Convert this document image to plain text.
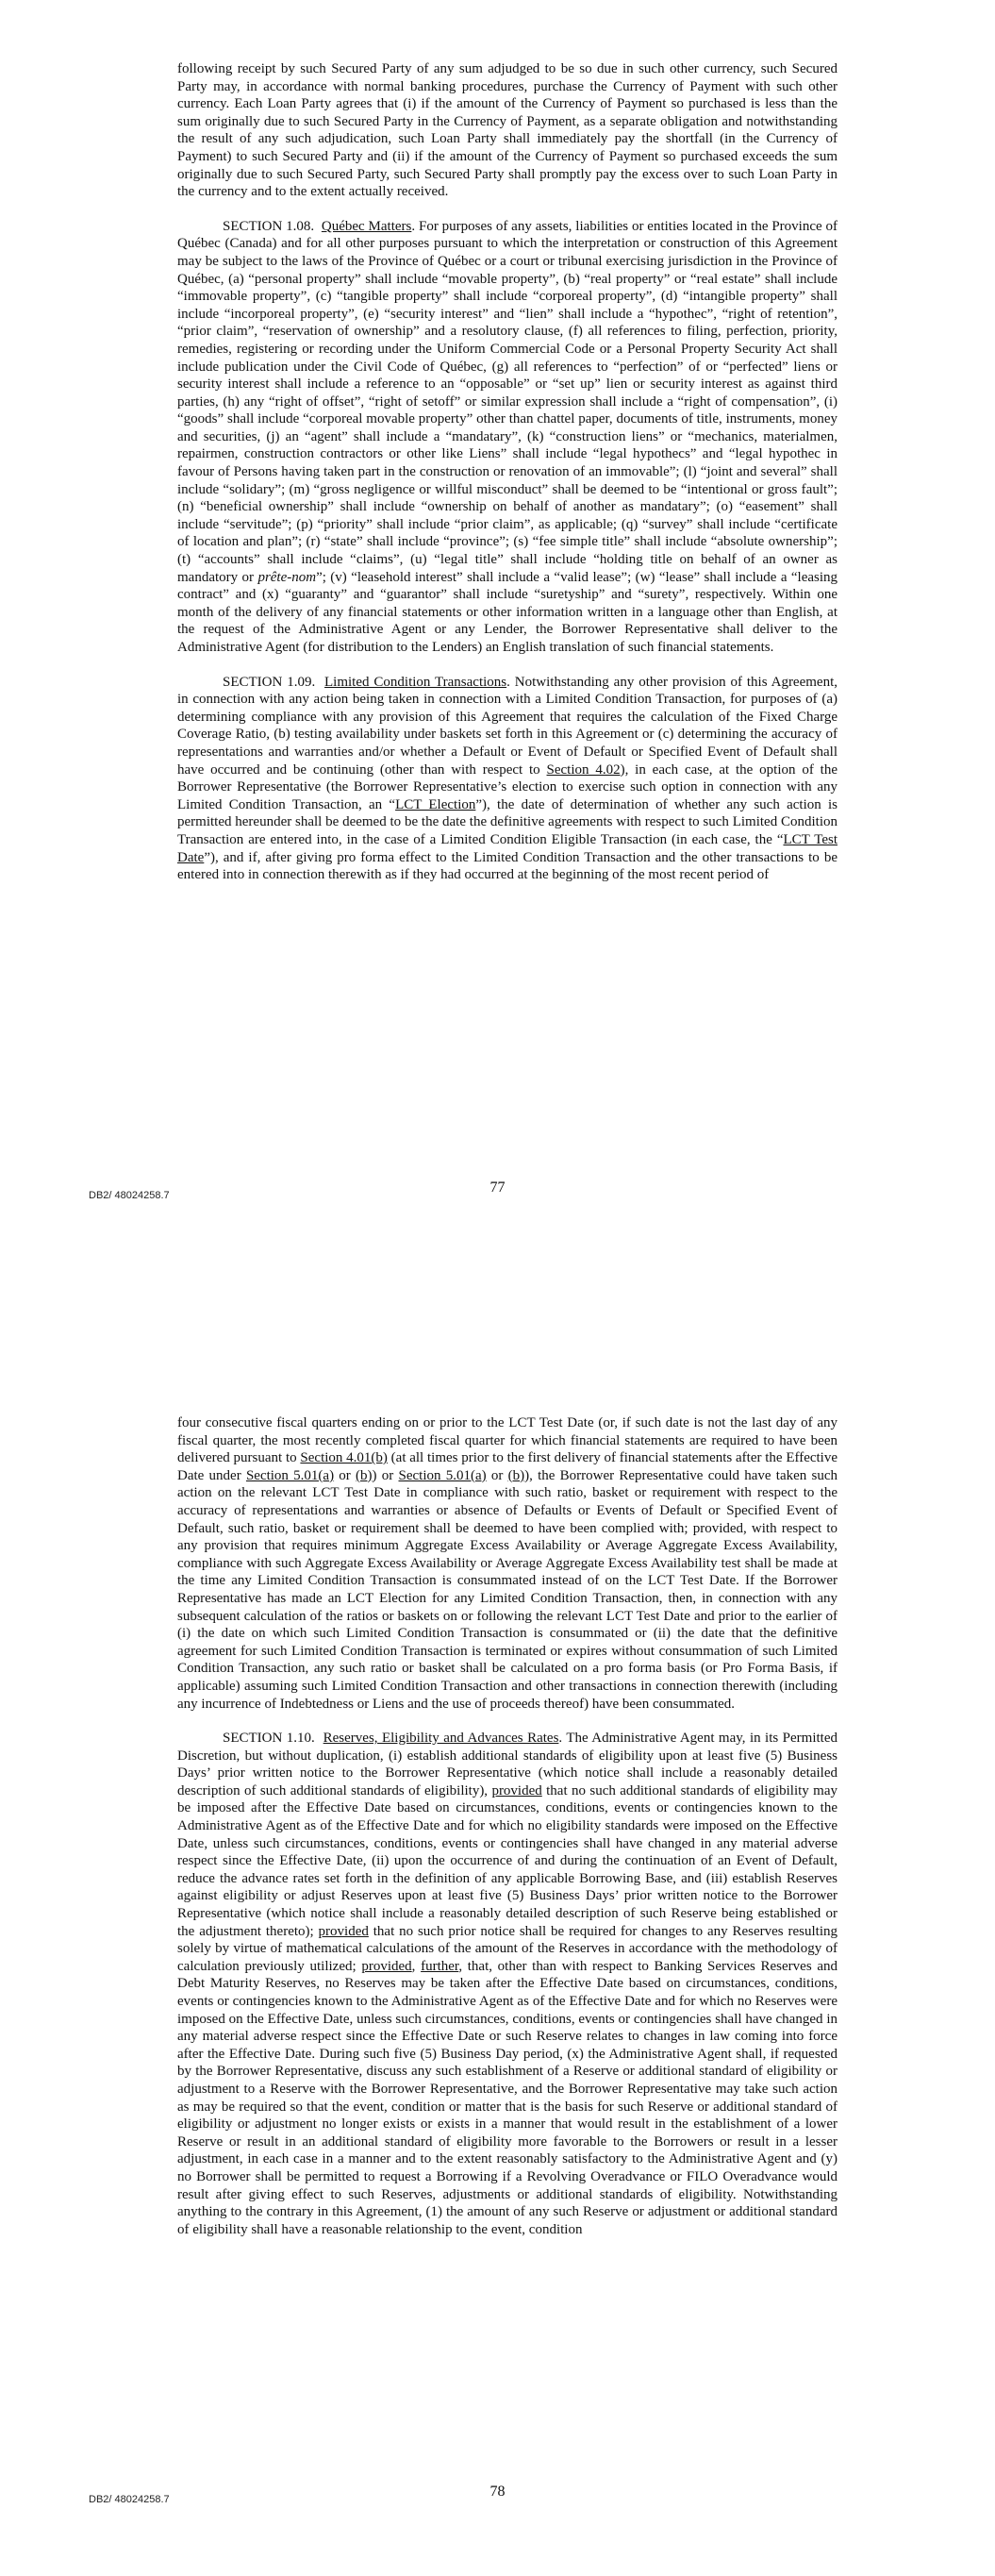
following receipt by such Secured Party of any sum adjudged to be so due in such other currency, such Secured Party may, in accordance with normal banking procedures, purchase the Currency of Payment with such other currency. Each Loan Party agrees that (i) if the amount of the Currency of Payment so purchased is less than the sum originally due to such Secured Party in the Currency of Payment, as a separate obligation and notwithstanding the result of any such adjudication, such Loan Party shall immediately pay the shortfall (in the Currency of Payment) to such Secured Party and (ii) if the amount of the Currency of Payment so purchased exceeds the sum originally due to such Secured Party, such Secured Party shall promptly pay the excess over to such Loan Party in the currency and to the extent actually received.

SECTION 1.08. Québec Matters. For purposes of any assets, liabilities or entities located in the Province of Québec (Canada) and for all other purposes pursuant to which the interpretation or construction of this Agreement may be subject to the laws of the Province of Québec or a court or tribunal exercising jurisdiction in the Province of Québec, (a) “personal property” shall include “movable property”, (b) “real property” or “real estate” shall include “immovable property”, (c) “tangible property” shall include “corporeal property”, (d) “intangible property” shall include “incorporeal property”, (e) “security interest” and “lien” shall include a “hypothec”, “right of retention”, “prior claim”, “reservation of ownership” and a resolutory clause, (f) all references to filing, perfection, priority, remedies, registering or recording under the Uniform Commercial Code or a Personal Property Security Act shall include publication under the Civil Code of Québec, (g) all references to “perfection” of or “perfected” liens or security interest shall include a reference to an “opposable” or “set up” lien or security interest as against third parties, (h) any “right of offset”, “right of setoff” or similar expression shall include a “right of compensation”, (i) “goods” shall include “corporeal movable property” other than chattel paper, documents of title, instruments, money and securities, (j) an “agent” shall include a “mandatary”, (k) “construction liens” or “mechanics, materialmen, repairmen, construction contractors or other like Liens” shall include “legal hypothecs” and “legal hypothec in favour of Persons having taken part in the construction or renovation of an immovable”; (l) “joint and several” shall include “solidary”; (m) “gross negligence or willful misconduct” shall be deemed to be “intentional or gross fault”; (n) “beneficial ownership” shall include “ownership on behalf of another as mandatary”; (o) “easement” shall include “servitude”; (p) “priority” shall include “prior claim”, as applicable; (q) “survey” shall include “certificate of location and plan”; (r) “state” shall include “province”; (s) “fee simple title” shall include “absolute ownership”; (t) “accounts” shall include “claims”, (u) “legal title” shall include “holding title on behalf of an owner as mandatory or prête-nom”; (v) “leasehold interest” shall include a “valid lease”; (w) “lease” shall include a “leasing contract” and (x) “guaranty” and “guarantor” shall include “suretyship” and “surety”, respectively. Within one month of the delivery of any financial statements or other information written in a language other than English, at the request of the Administrative Agent or any Lender, the Borrower Representative shall deliver to the Administrative Agent (for distribution to the Lenders) an English translation of such financial statements.

SECTION 1.09. Limited Condition Transactions. Notwithstanding any other provision of this Agreement, in connection with any action being taken in connection with a Limited Condition Transaction, for purposes of (a) determining compliance with any provision of this Agreement that requires the calculation of the Fixed Charge Coverage Ratio, (b) testing availability under baskets set forth in this Agreement or (c) determining the accuracy of representations and warranties and/or whether a Default or Event of Default or Specified Event of Default shall have occurred and be continuing (other than with respect to Section 4.02), in each case, at the option of the Borrower Representative (the Borrower Representative’s election to exercise such option in connection with any Limited Condition Transaction, an “LCT Election”), the date of determination of whether any such action is permitted hereunder shall be deemed to be the date the definitive agreements with respect to such Limited Condition Transaction are entered into, in the case of a Limited Condition Eligible Transaction (in each case, the “LCT Test Date”), and if, after giving pro forma effect to the Limited Condition Transaction and the other transactions to be entered into in connection therewith as if they had occurred at the beginning of the most recent period of

DB2/ 48024258.7	77

four consecutive fiscal quarters ending on or prior to the LCT Test Date (or, if such date is not the last day of any fiscal quarter, the most recently completed fiscal quarter for which financial statements are required to have been delivered pursuant to Section 4.01(b) (at all times prior to the first delivery of financial statements after the Effective Date under Section 5.01(a) or (b)) or Section 5.01(a) or (b)), the Borrower Representative could have taken such action on the relevant LCT Test Date in compliance with such ratio, basket or requirement with respect to the accuracy of representations and warranties or absence of Defaults or Events of Default or Specified Event of Default, such ratio, basket or requirement shall be deemed to have been complied with; provided, with respect to any provision that requires minimum Aggregate Excess Availability or Average Aggregate Excess Availability, compliance with such Aggregate Excess Availability or Average Aggregate Excess Availability test shall be made at the time any Limited Condition Transaction is consummated instead of on the LCT Test Date. If the Borrower Representative has made an LCT Election for any Limited Condition Transaction, then, in connection with any subsequent calculation of the ratios or baskets on or following the relevant LCT Test Date and prior to the earlier of (i) the date on which such Limited Condition Transaction is consummated or (ii) the date that the definitive agreement for such Limited Condition Transaction is terminated or expires without consummation of such Limited Condition Transaction, any such ratio or basket shall be calculated on a pro forma basis (or Pro Forma Basis, if applicable) assuming such Limited Condition Transaction and other transactions in connection therewith (including any incurrence of Indebtedness or Liens and the use of proceeds thereof) have been consummated.

SECTION 1.10. Reserves, Eligibility and Advances Rates. The Administrative Agent may, in its Permitted Discretion, but without duplication, (i) establish additional standards of eligibility upon at least five (5) Business Days’ prior written notice to the Borrower Representative (which notice shall include a reasonably detailed description of such additional standards of eligibility), provided that no such additional standards of eligibility may be imposed after the Effective Date based on circumstances, conditions, events or contingencies known to the Administrative Agent as of the Effective Date and for which no eligibility standards were imposed on the Effective Date, unless such circumstances, conditions, events or contingencies shall have changed in any material adverse respect since the Effective Date, (ii) upon the occurrence of and during the continuation of an Event of Default, reduce the advance rates set forth in the definition of any applicable Borrowing Base, and (iii) establish Reserves against eligibility or adjust Reserves upon at least five (5) Business Days’ prior written notice to the Borrower Representative (which notice shall include a reasonably detailed description of such Reserve being established or the adjustment thereto); provided that no such prior notice shall be required for changes to any Reserves resulting solely by virtue of mathematical calculations of the amount of the Reserves in accordance with the methodology of calculation previously utilized; provided, further, that, other than with respect to Banking Services Reserves and Debt Maturity Reserves, no Reserves may be taken after the Effective Date based on circumstances, conditions, events or contingencies known to the Administrative Agent as of the Effective Date and for which no Reserves were imposed on the Effective Date, unless such circumstances, conditions, events or contingencies shall have changed in any material adverse respect since the Effective Date or such Reserve relates to changes in law coming into force after the Effective Date. During such five (5) Business Day period, (x) the Administrative Agent shall, if requested by the Borrower Representative, discuss any such establishment of a Reserve or additional standard of eligibility or adjustment to a Reserve with the Borrower Representative, and the Borrower Representative may take such action as may be required so that the event, condition or matter that is the basis for such Reserve or additional standard of eligibility or adjustment no longer exists or exists in a manner that would result in the establishment of a lower Reserve or result in an additional standard of eligibility more favorable to the Borrowers or result in a lesser adjustment, in each case in a manner and to the extent reasonably satisfactory to the Administrative Agent and (y) no Borrower shall be permitted to request a Borrowing if a Revolving Overadvance or FILO Overadvance would result after giving effect to such Reserves, adjustments or additional standards of eligibility. Notwithstanding anything to the contrary in this Agreement, (1) the amount of any such Reserve or adjustment or additional standard of eligibility shall have a reasonable relationship to the event, condition

DB2/ 48024258.7	78
